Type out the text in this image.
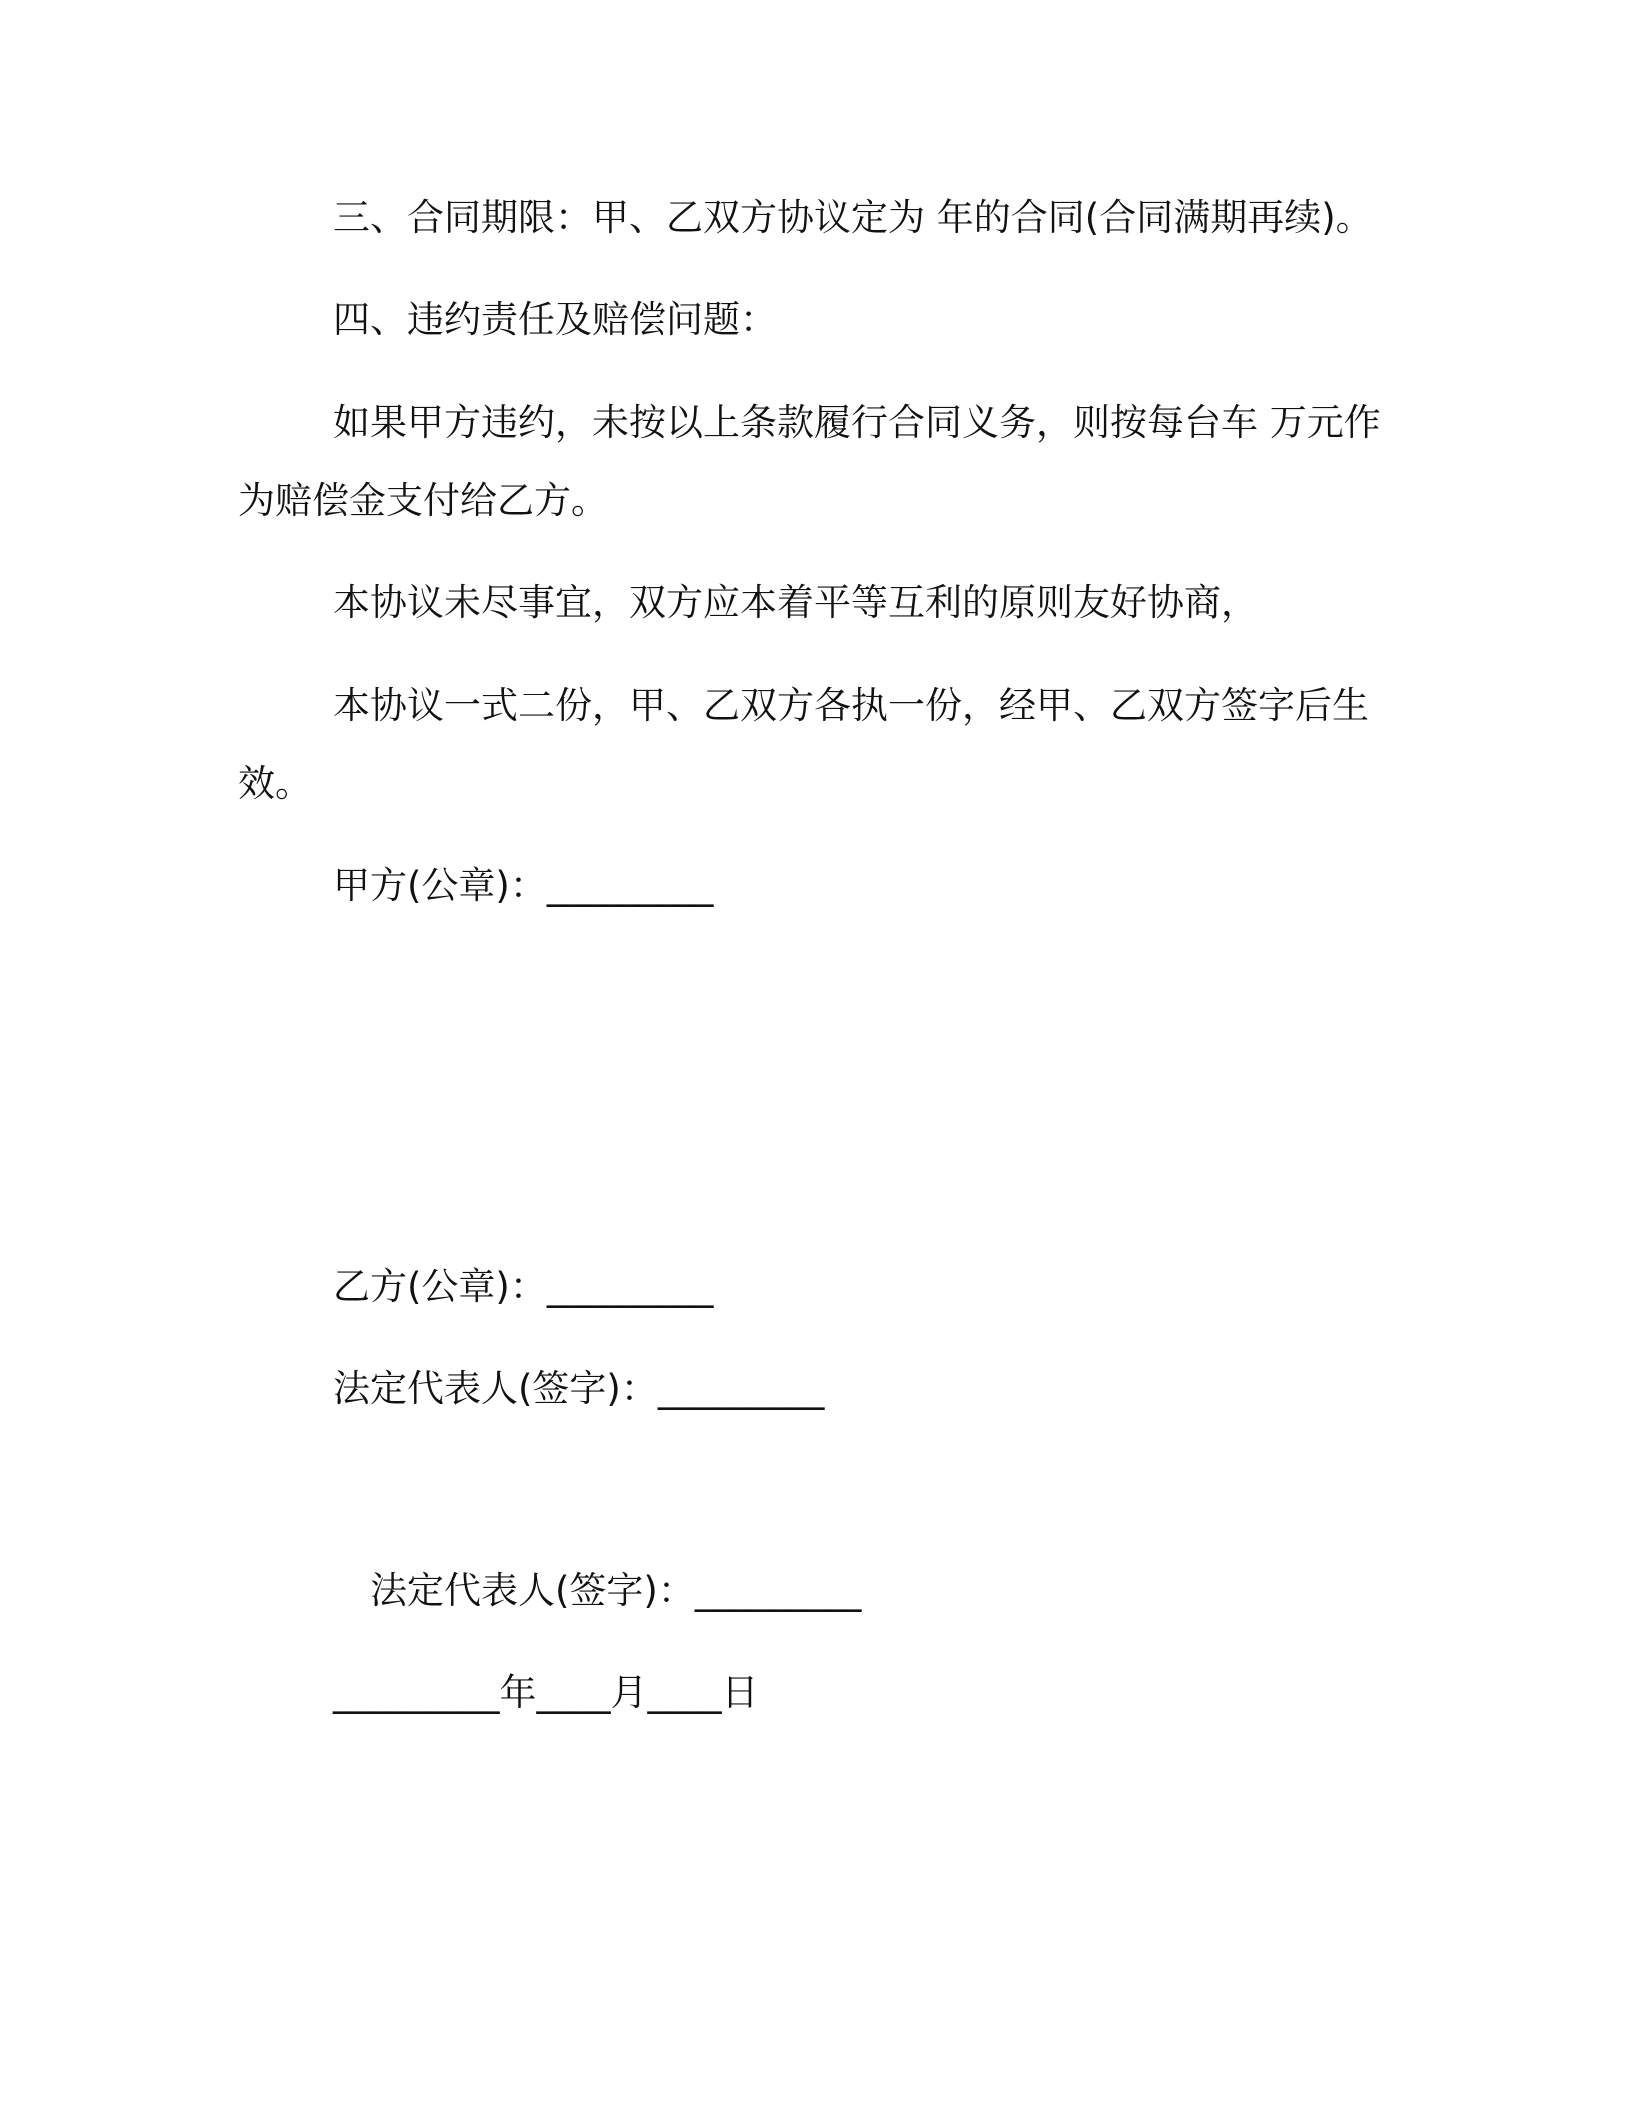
三、合同期限：甲、乙双方协议定为 年的合同(合同满期再续)。

四、违约责任及赔偿问题：

如果甲方违约，未按以上条款履行合同义务，则按每台车 万元作

为赔偿金支付给乙方。

本协议未尽事宜，双方应本着平等互利的原则友好协商，

本协议一式二份，甲、乙双方各执一份，经甲、乙双方签字后生

效。

甲方(公章)：_________

乙方(公章)：_________

法定代表人(签字)：_________

法定代表人(签字)：_________

_________年____月____日
